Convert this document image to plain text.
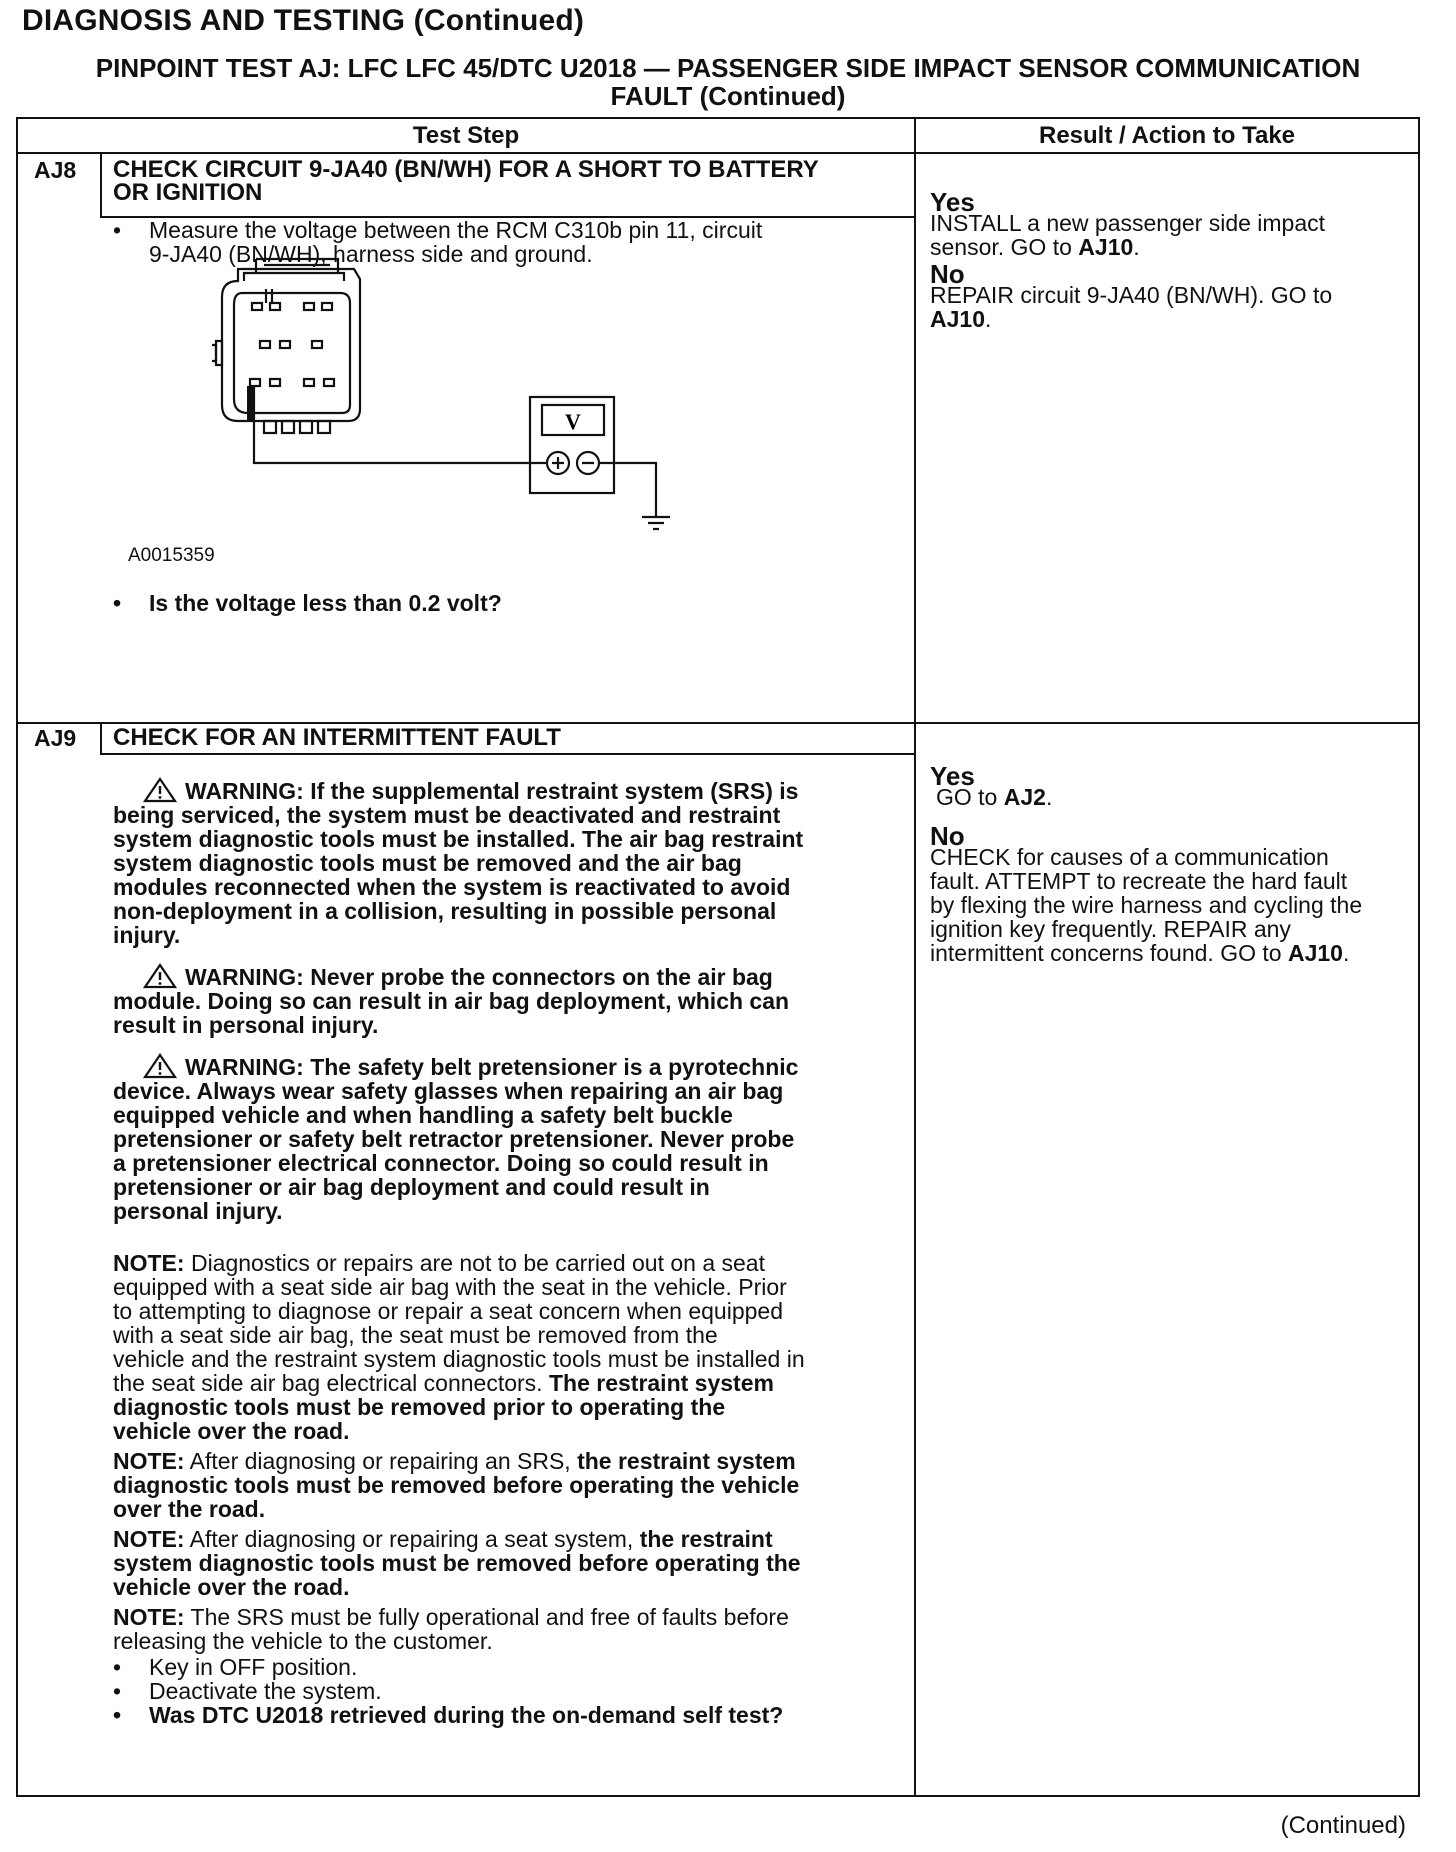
DIAGNOSIS AND TESTING (Continued)
PINPOINT TEST AJ: LFC LFC 45/DTC U2018 — PASSENGER SIDE IMPACT SENSOR COMMUNICATION
FAULT (Continued)
Test Step	Result / Action to Take
AJ8 CHECK CIRCUIT 9-JA40 (BN/WH) FOR A SHORT TO BATTERY
OR IGNITION
• Measure the voltage between the RCM C310b pin 11, circuit
9-JA40 (BN/WH), harness side and ground.
V
A0015359
• Is the voltage less than 0.2 volt?
Yes
INSTALL a new passenger side impact
sensor. GO to AJ10.
No
REPAIR circuit 9-JA40 (BN/WH). GO to
AJ10.
AJ9 CHECK FOR AN INTERMITTENT FAULT
WARNING: If the supplemental restraint system (SRS) is
being serviced, the system must be deactivated and restraint
system diagnostic tools must be installed. The air bag restraint
system diagnostic tools must be removed and the air bag
modules reconnected when the system is reactivated to avoid
non-deployment in a collision, resulting in possible personal
injury.
WARNING: Never probe the connectors on the air bag
module. Doing so can result in air bag deployment, which can
result in personal injury.
WARNING: The safety belt pretensioner is a pyrotechnic
device. Always wear safety glasses when repairing an air bag
equipped vehicle and when handling a safety belt buckle
pretensioner or safety belt retractor pretensioner. Never probe
a pretensioner electrical connector. Doing so could result in
pretensioner or air bag deployment and could result in
personal injury.
NOTE: Diagnostics or repairs are not to be carried out on a seat
equipped with a seat side air bag with the seat in the vehicle. Prior
to attempting to diagnose or repair a seat concern when equipped
with a seat side air bag, the seat must be removed from the
vehicle and the restraint system diagnostic tools must be installed in
the seat side air bag electrical connectors. The restraint system
diagnostic tools must be removed prior to operating the
vehicle over the road.
NOTE: After diagnosing or repairing an SRS, the restraint system
diagnostic tools must be removed before operating the vehicle
over the road.
NOTE: After diagnosing or repairing a seat system, the restraint
system diagnostic tools must be removed before operating the
vehicle over the road.
NOTE: The SRS must be fully operational and free of faults before
releasing the vehicle to the customer.
• Key in OFF position.
• Deactivate the system.
• Was DTC U2018 retrieved during the on-demand self test?
Yes
GO to AJ2.
No
CHECK for causes of a communication
fault. ATTEMPT to recreate the hard fault
by flexing the wire harness and cycling the
ignition key frequently. REPAIR any
intermittent concerns found. GO to AJ10.
(Continued)
